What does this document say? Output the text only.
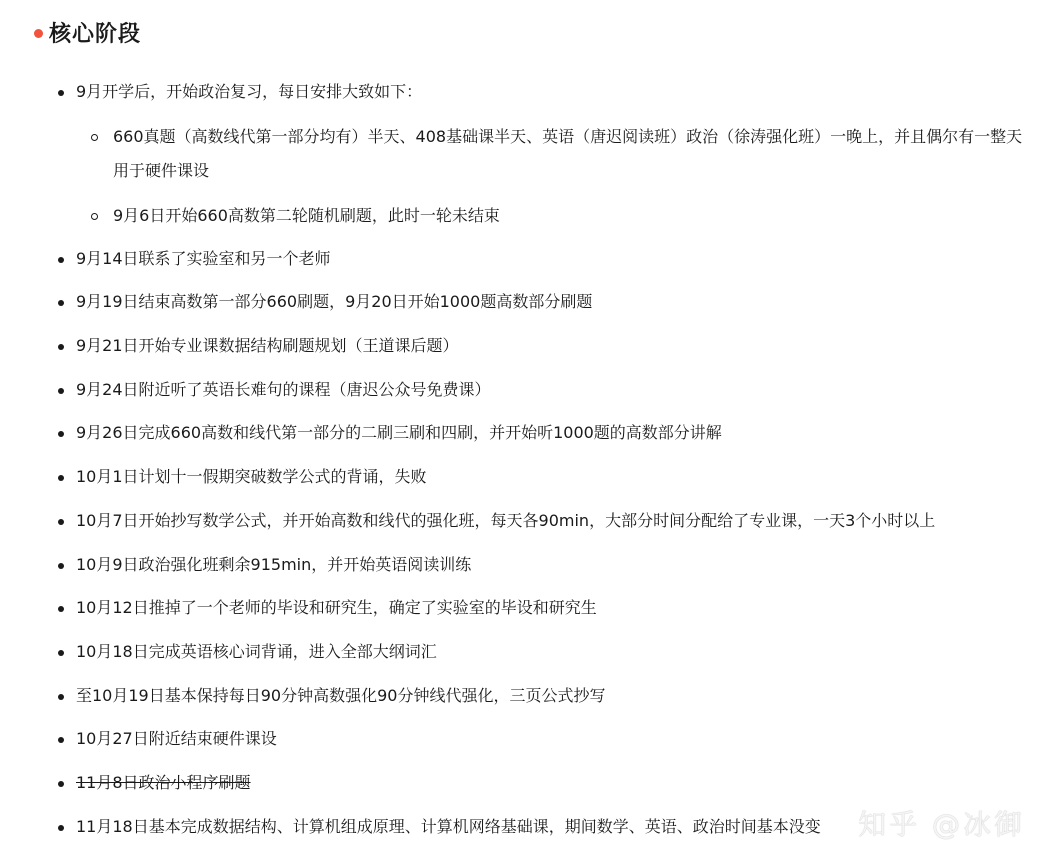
核心阶段
9月开学后，开始政治复习，每日安排大致如下：
660真题（高数线代第一部分均有）半天、408基础课半天、英语（唐迟阅读班）政治（徐涛强化班）一晚上，并且偶尔有一整天用于硬件课设
9月6日开始660高数第二轮随机刷题，此时一轮未结束
9月14日联系了实验室和另一个老师
9月19日结束高数第一部分660刷题，9月20日开始1000题高数部分刷题
9月21日开始专业课数据结构刷题规划（王道课后题）
9月24日附近听了英语长难句的课程（唐迟公众号免费课）
9月26日完成660高数和线代第一部分的二刷三刷和四刷，并开始听1000题的高数部分讲解
10月1日计划十一假期突破数学公式的背诵，失败
10月7日开始抄写数学公式，并开始高数和线代的强化班，每天各90min，大部分时间分配给了专业课，一天3个小时以上
10月9日政治强化班剩余915min，并开始英语阅读训练
10月12日推掉了一个老师的毕设和研究生，确定了实验室的毕设和研究生
10月18日完成英语核心词背诵，进入全部大纲词汇
至10月19日基本保持每日90分钟高数强化90分钟线代强化，三页公式抄写
10月27日附近结束硬件课设
11月8日政治小程序刷题
11月18日基本完成数据结构、计算机组成原理、计算机网络基础课，期间数学、英语、政治时间基本没变 知乎 @冰御
